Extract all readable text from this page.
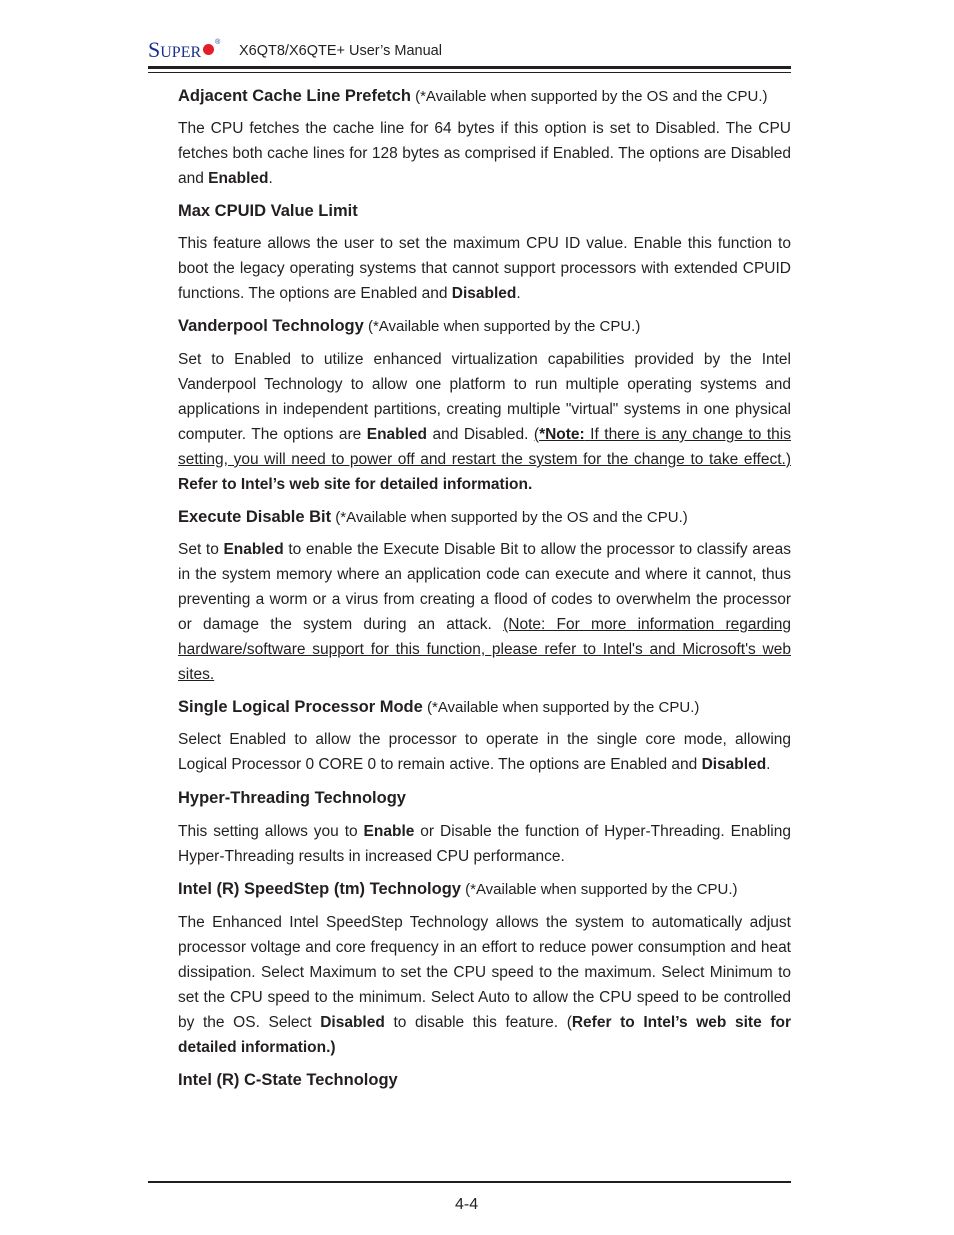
SUPER
®
X6QT8/X6QTE+ User’s Manual

Adjacent Cache Line Prefetch (*Available when supported by the OS and the CPU.)

The CPU fetches the cache line for 64 bytes if this option is set to Disabled. The CPU fetches both cache lines for 128 bytes as comprised if Enabled. The options are Disabled and Enabled.

Max CPUID Value Limit

This feature allows the user to set the maximum CPU ID value. Enable this function to boot the legacy operating systems that cannot support processors with extended CPUID functions. The options are Enabled and Disabled.

Vanderpool Technology (*Available when supported by the CPU.)

Set to Enabled to utilize enhanced virtualization capabilities provided by the Intel Vanderpool Technology to allow one platform to run multiple operating systems and applications in independent partitions, creating multiple "virtual" systems in one physical computer. The options are Enabled and Disabled. (*Note: If there is any change to this setting, you will need to power off and restart the system for the change to take effect.) Refer to Intel’s web site for detailed information.

Execute Disable Bit (*Available when supported by the OS and the CPU.)

Set to Enabled to enable the Execute Disable Bit to allow the processor to classify areas in the system memory where an application code can execute and where it cannot, thus preventing a worm or a virus from creating a flood of codes to overwhelm the processor or damage the system during an attack. (Note: For more information regarding hardware/software support for this function, please refer to Intel's and Microsoft's web sites.

Single Logical Processor Mode (*Available when supported by the CPU.)

Select Enabled to allow the processor to operate in the single core mode, allowing Logical Processor 0 CORE 0 to remain active. The options are Enabled and Disabled.

Hyper-Threading Technology

This setting allows you to Enable or Disable the function of Hyper-Threading. Enabling Hyper-Threading results in increased CPU performance.

Intel (R) SpeedStep (tm) Technology (*Available when supported by the CPU.)

The Enhanced Intel SpeedStep Technology allows the system to automatically adjust processor voltage and core frequency in an effort to reduce power consumption and heat dissipation. Select Maximum to set the CPU speed to the maximum. Select Minimum to set the CPU speed to the minimum. Select Auto to allow the CPU speed to be controlled by the OS. Select Disabled to disable this feature. (Refer to Intel’s web site for detailed information.)

Intel (R) C-State Technology

4-4
